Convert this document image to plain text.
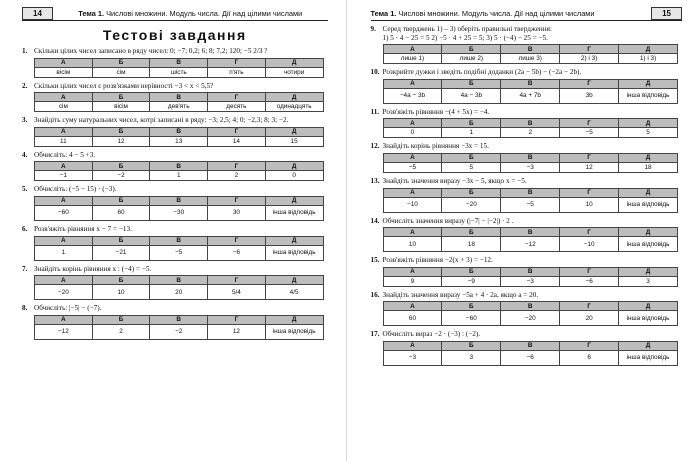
14	Тема 1. Числові множини. Модуль числа. Дії над цілими числами
Тестові завдання
1. Скільки цілих чисел записано в ряду чисел: 0; −7; 0,2; 6; 8; 7,2; 120; −5 2/3 ?
А	Б	В	Г	Д
вісім	сім	шість	п'ять	чотири
2. Скільки цілих чисел є розв'язками нерівності −3 < x < 5,5?
А	Б	В	Г	Д
сім	вісім	дев'ять	десять	одинадцять
3. Знайдіть суму натуральних чисел, котрі записані в ряду: −3; 2,5; 4; 0; −2,3; 8; 3; −2.
А	Б	В	Г	Д
11	12	13	14	15
4. Обчисліть: 4 − 5 +3.
А	Б	В	Г	Д
−1	−2	1	2	0
5. Обчисліть: (−5 − 15) · (−3).
А	Б	В	Г	Д
−60	60	−30	30	інша відповідь
6. Розв'яжіть рівняння x − 7 = −13.
А	Б	В	Г	Д
1	−21	−5	−6	інша відповідь
7. Знайдіть корінь рівняння x : (−4) = −5.
А	Б	В	Г	Д
−20	10	20	5/4	4/5
8. Обчисліть: |−5| − (−7).
А	Б	В	Г	Д
−12	2	−2	12	інша відповідь
Тема 1. Числові множини. Модуль числа. Дії над цілими числами	15
9. Серед тверджень 1) – 3) оберіть правильні твердження:
1) 5 · 4 − 25 = 5 2) −5 · 4 + 25 = 5; 3) 5 · (−4) − 25 = −5.
А	Б	В	Г	Д
лише 1)	лише 2)	лише 3)	2) і 3)	1) і 3)
10. Розкрийте дужки і зведіть подібні доданки (2a − 5b) − (−2a − 2b).
А	Б	В	Г	Д
−4a − 3b	4a − 3b	4a + 7b	3b	інша відповідь
11. Розв'яжіть рівняння −(4 + 5x) = −4.
А	Б	В	Г	Д
0	1	2	−5	5
12. Знайдіть корінь рівняння −3x = 15.
А	Б	В	Г	Д
−5	5	−3	12	18
13. Знайдіть значення виразу −3x − 5, якщо x = −5.
А	Б	В	Г	Д
−10	−20	−5	10	інша відповідь
14. Обчисліть значення виразу (|−7| − |−2|) · 2 .
А	Б	В	Г	Д
10	18	−12	−10	інша відповідь
15. Розв'яжіть рівняння −2(x + 3) = −12.
А	Б	В	Г	Д
9	−9	−3	−6	3
16. Знайдіть значення виразу −5a + 4 · 2a, якщо a = 20.
А	Б	В	Г	Д
60	−60	−20	20	інша відповідь
17. Обчисліть вираз −2 · (−3) : (−2).
А	Б	В	Г	Д
−3	3	−6	6	інша відповідь
